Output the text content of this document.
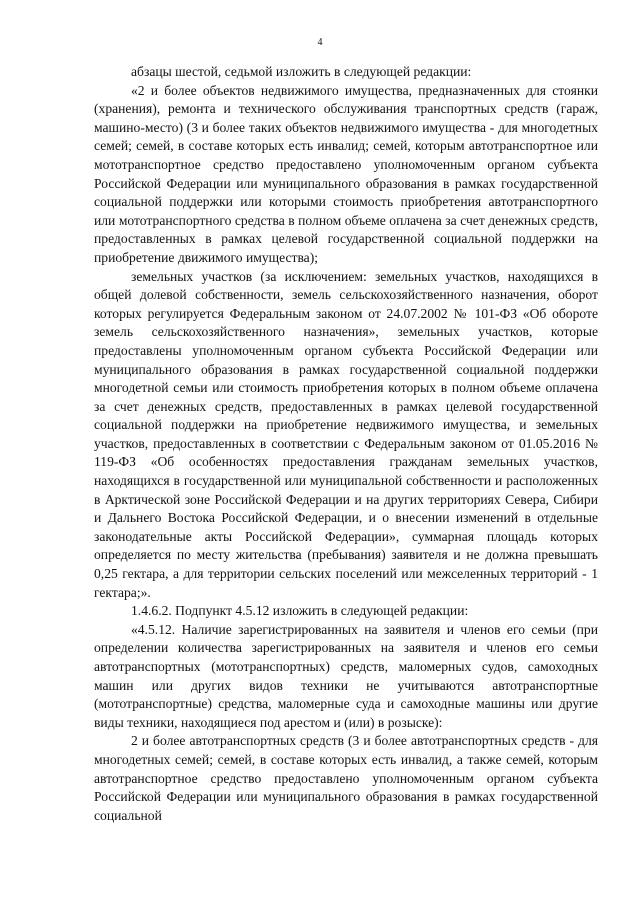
4

абзацы шестой, седьмой изложить в следующей редакции:

«2 и более объектов недвижимого имущества, предназначенных для стоянки (хранения), ремонта и технического обслуживания транспортных средств (гараж, машино-место) (3 и более таких объектов недвижимого имущества - для многодетных семей; семей, в составе которых есть инвалид; семей, которым автотранспортное или мототранспортное средство предоставлено уполномоченным органом субъекта Российской Федерации или муниципального образования в рамках государственной социальной поддержки или которыми стоимость приобретения автотранспортного или мототранспортного средства в полном объеме оплачена за счет денежных средств, предоставленных в рамках целевой государственной социальной поддержки на приобретение движимого имущества);

земельных участков (за исключением: земельных участков, находящихся в общей долевой собственности, земель сельскохозяйственного назначения, оборот которых регулируется Федеральным законом от 24.07.2002 № 101-ФЗ «Об обороте земель сельскохозяйственного назначения», земельных участков, которые предоставлены уполномоченным органом субъекта Российской Федерации или муниципального образования в рамках государственной социальной поддержки многодетной семьи или стоимость приобретения которых в полном объеме оплачена за счет денежных средств, предоставленных в рамках целевой государственной социальной поддержки на приобретение недвижимого имущества, и земельных участков, предоставленных в соответствии с Федеральным законом от 01.05.2016 № 119-ФЗ «Об особенностях предоставления гражданам земельных участков, находящихся в государственной или муниципальной собственности и расположенных в Арктической зоне Российской Федерации и на других территориях Севера, Сибири и Дальнего Востока Российской Федерации, и о внесении изменений в отдельные законодательные акты Российской Федерации», суммарная площадь которых определяется по месту жительства (пребывания) заявителя и не должна превышать 0,25 гектара, а для территории сельских поселений или межселенных территорий - 1 гектара;».

1.4.6.2. Подпункт 4.5.12 изложить в следующей редакции:

«4.5.12. Наличие зарегистрированных на заявителя и членов его семьи (при определении количества зарегистрированных на заявителя и членов его семьи автотранспортных (мототранспортных) средств, маломерных судов, самоходных машин или других видов техники не учитываются автотранспортные (мототранспортные) средства, маломерные суда и самоходные машины или другие виды техники, находящиеся под арестом и (или) в розыске):

2 и более автотранспортных средств (3 и более автотранспортных средств - для многодетных семей; семей, в составе которых есть инвалид, а также семей, которым автотранспортное средство предоставлено уполномоченным органом субъекта Российской Федерации или муниципального образования в рамках государственной социальной
